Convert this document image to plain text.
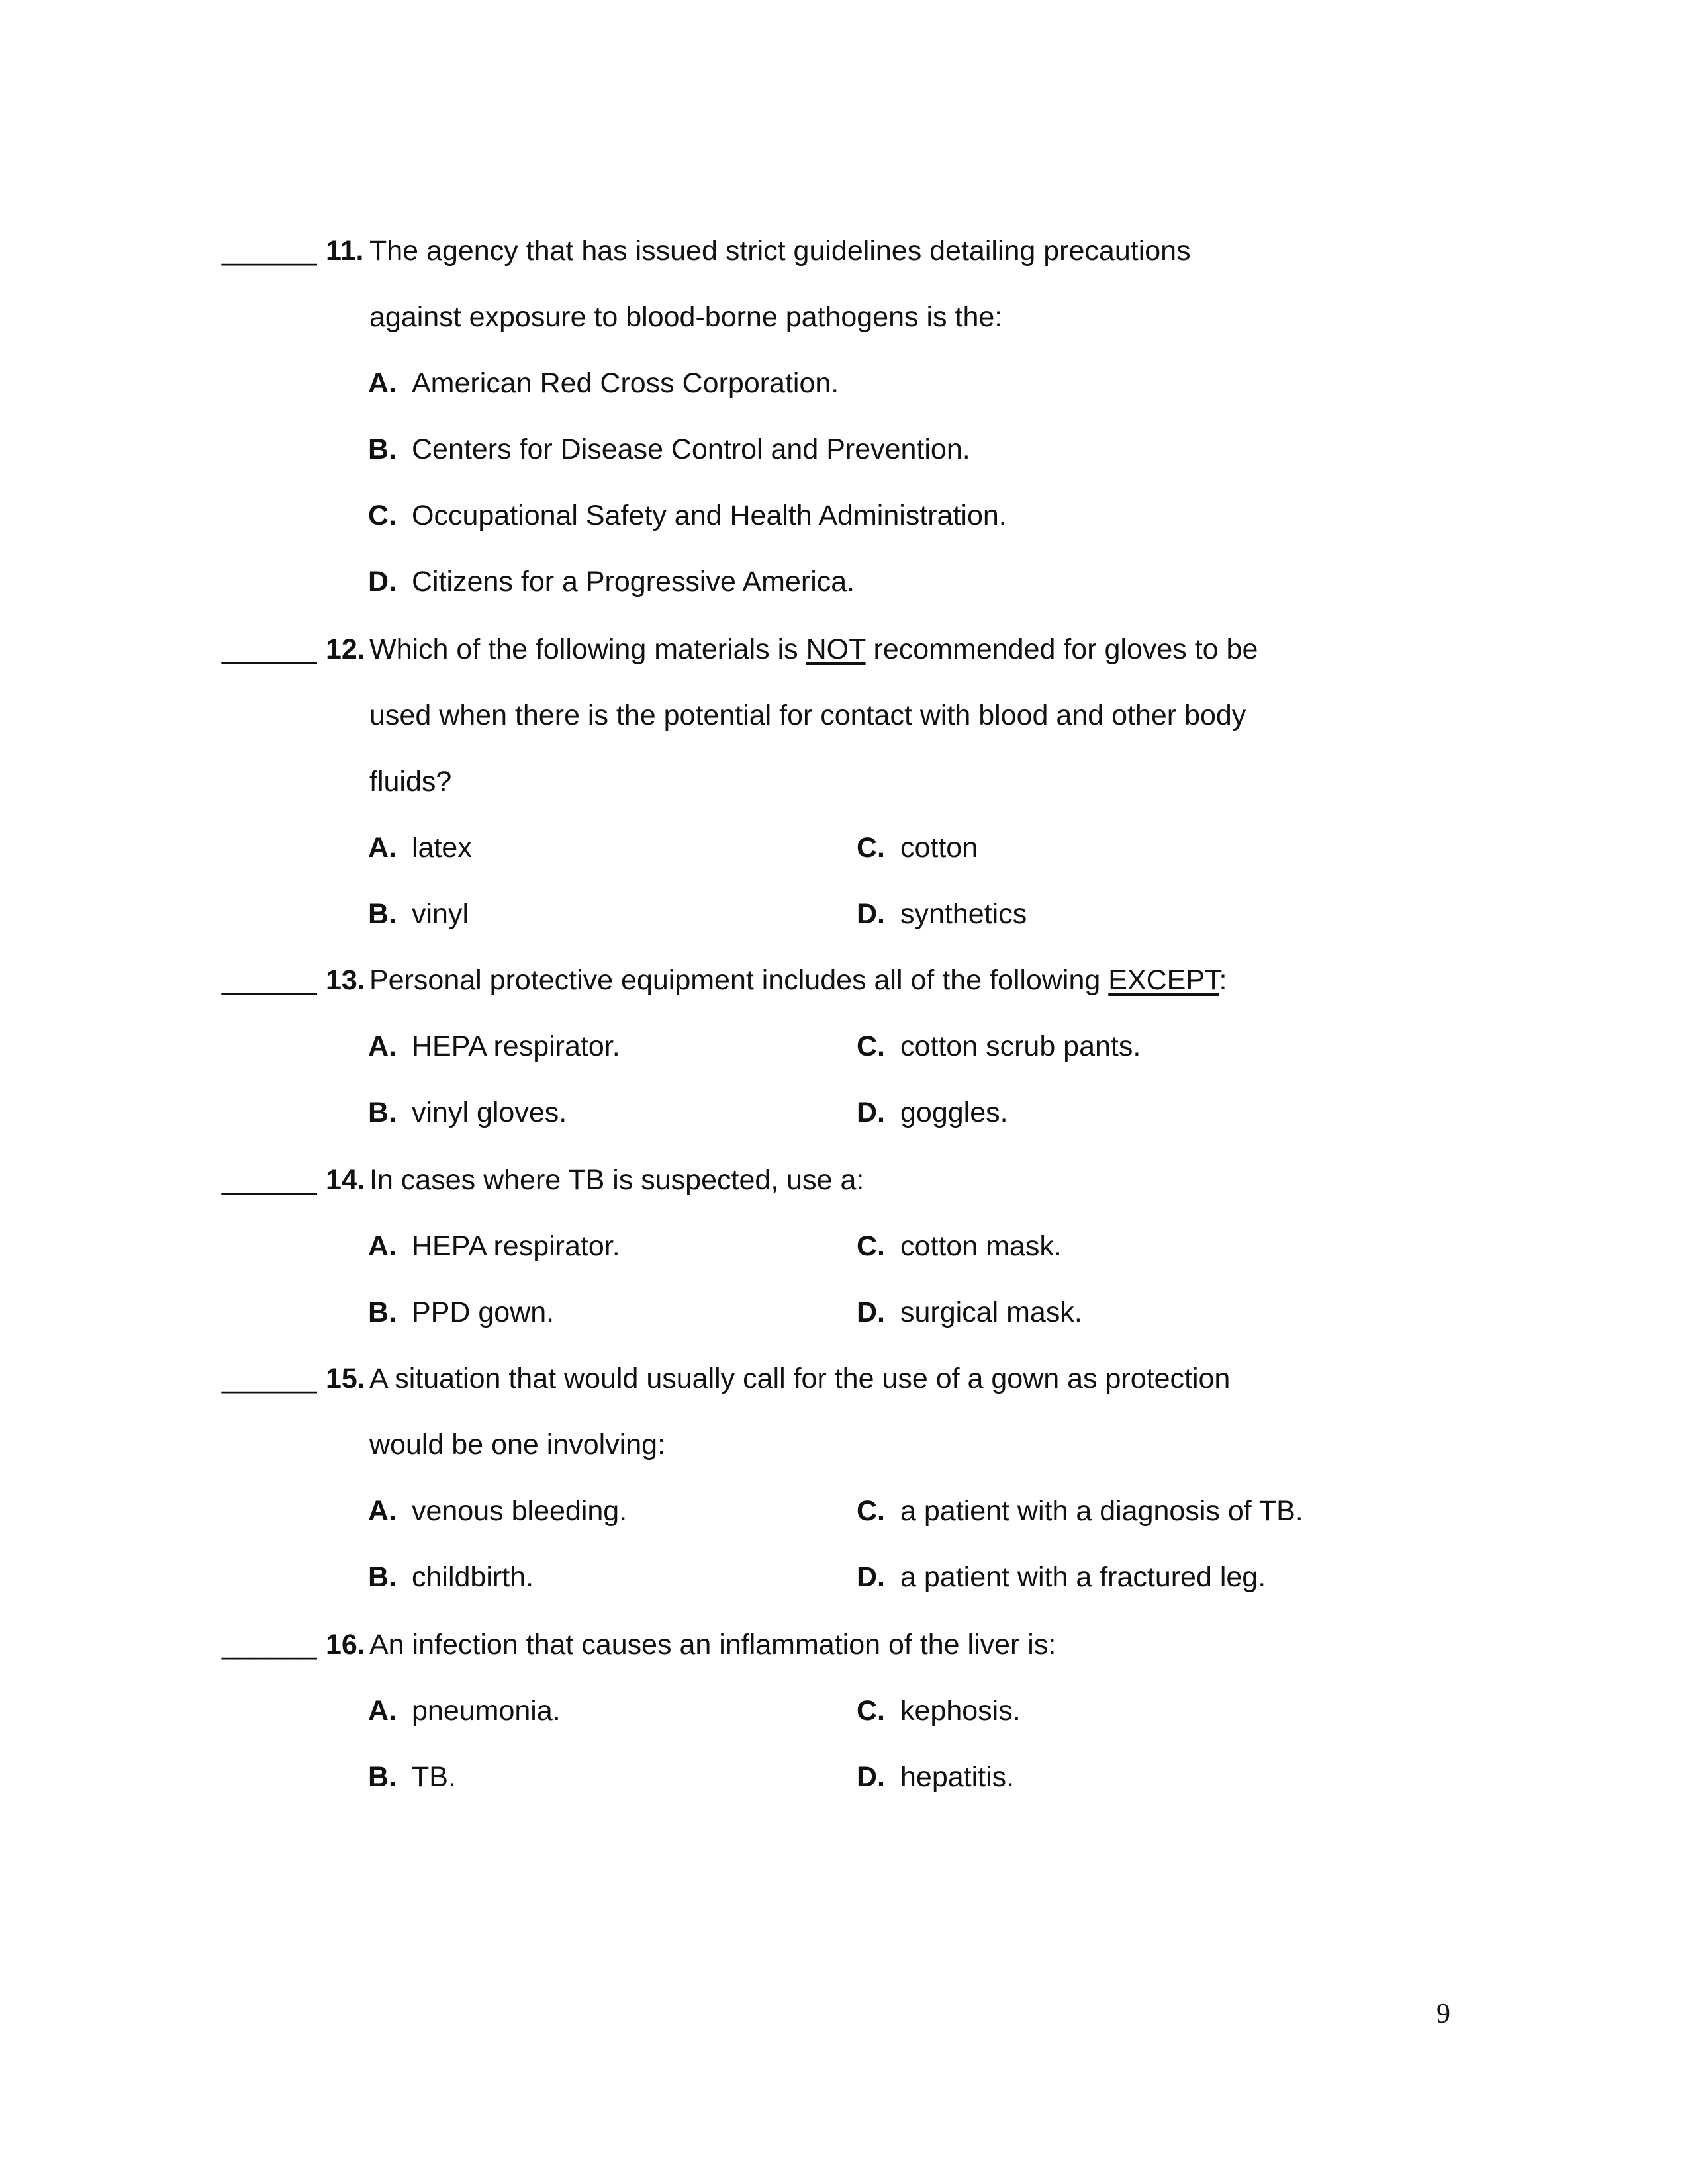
______ 11. The agency that has issued strict guidelines detailing precautions
against exposure to blood-borne pathogens is the:
A. American Red Cross Corporation.
B. Centers for Disease Control and Prevention.
C. Occupational Safety and Health Administration.
D. Citizens for a Progressive America.
______ 12. Which of the following materials is NOT recommended for gloves to be
used when there is the potential for contact with blood and other body
fluids?
A. latex	C. cotton
B. vinyl	D. synthetics
______ 13. Personal protective equipment includes all of the following EXCEPT:
A. HEPA respirator.	C. cotton scrub pants.
B. vinyl gloves.	D. goggles.
______ 14. In cases where TB is suspected, use a:
A. HEPA respirator.	C. cotton mask.
B. PPD gown.	D. surgical mask.
______ 15. A situation that would usually call for the use of a gown as protection
would be one involving:
A. venous bleeding.	C. a patient with a diagnosis of TB.
B. childbirth.	D. a patient with a fractured leg.
______ 16. An infection that causes an inflammation of the liver is:
A. pneumonia.	C. kephosis.
B. TB.	D. hepatitis.
9
